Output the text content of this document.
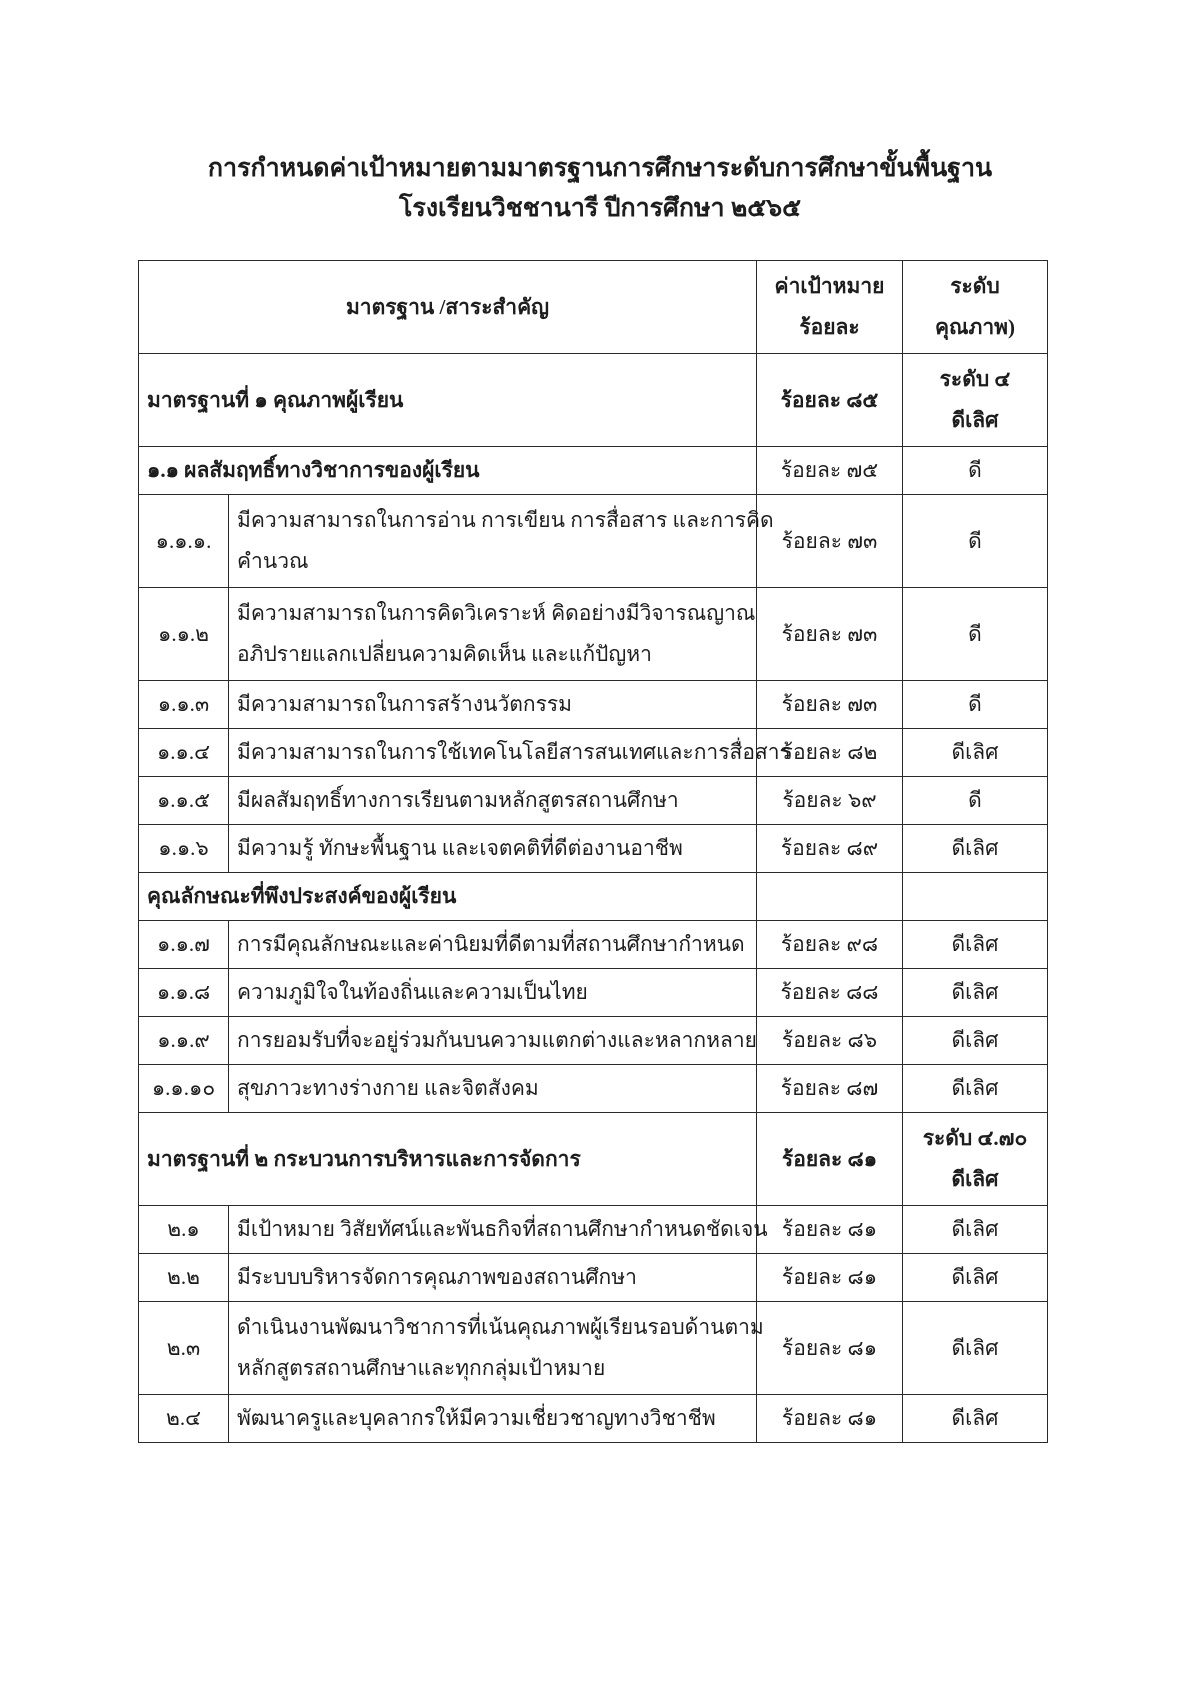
การกำหนดค่าเป้าหมายตามมาตรฐานการศึกษาระดับการศึกษาขั้นพื้นฐาน
โรงเรียนวิชชานารี ปีการศึกษา ๒๕๖๕
มาตรฐาน /สาระสำคัญ		ค่าเป้าหมาย
ร้อยละ	ระดับ
คุณภาพ)

มาตรฐานที่ ๑ คุณภาพผู้เรียน		ร้อยละ ๘๕	ระดับ ๔
ดีเลิศ

๑.๑ ผลสัมฤทธิ์ทางวิชาการของผู้เรียน		ร้อยละ ๗๕	ดี

๑.๑.๑.	มีความสามารถในการอ่าน การเขียน การสื่อสาร และการคิด
คำนวณ	ร้อยละ ๗๓	ดี

๑.๑.๒	มีความสามารถในการคิดวิเคราะห์ คิดอย่างมีวิจารณญาณ
อภิปรายแลกเปลี่ยนความคิดเห็น และแก้ปัญหา	ร้อยละ ๗๓	ดี

๑.๑.๓	มีความสามารถในการสร้างนวัตกรรม	ร้อยละ ๗๓	ดี

๑.๑.๔	มีความสามารถในการใช้เทคโนโลยีสารสนเทศและการสื่อสาร	ร้อยละ ๘๒	ดีเลิศ

๑.๑.๕	มีผลสัมฤทธิ์ทางการเรียนตามหลักสูตรสถานศึกษา	ร้อยละ ๖๙	ดี

๑.๑.๖	มีความรู้ ทักษะพื้นฐาน และเจตคติที่ดีต่องานอาชีพ	ร้อยละ ๘๙	ดีเลิศ

คุณลักษณะที่พึงประสงค์ของผู้เรียน			

๑.๑.๗	การมีคุณลักษณะและค่านิยมที่ดีตามที่สถานศึกษากำหนด	ร้อยละ ๙๘	ดีเลิศ

๑.๑.๘	ความภูมิใจในท้องถิ่นและความเป็นไทย	ร้อยละ ๘๘	ดีเลิศ

๑.๑.๙	การยอมรับที่จะอยู่ร่วมกันบนความแตกต่างและหลากหลาย	ร้อยละ ๘๖	ดีเลิศ

๑.๑.๑๐	สุขภาวะทางร่างกาย และจิตสังคม	ร้อยละ ๘๗	ดีเลิศ

มาตรฐานที่ ๒ กระบวนการบริหารและการจัดการ		ร้อยละ ๘๑	ระดับ ๔.๗๐
ดีเลิศ

๒.๑	มีเป้าหมาย วิสัยทัศน์และพันธกิจที่สถานศึกษากำหนดชัดเจน	ร้อยละ ๘๑	ดีเลิศ

๒.๒	มีระบบบริหารจัดการคุณภาพของสถานศึกษา	ร้อยละ ๘๑	ดีเลิศ

๒.๓	ดำเนินงานพัฒนาวิชาการที่เน้นคุณภาพผู้เรียนรอบด้านตาม
หลักสูตรสถานศึกษาและทุกกลุ่มเป้าหมาย	ร้อยละ ๘๑	ดีเลิศ

๒.๔	พัฒนาครูและบุคลากรให้มีความเชี่ยวชาญทางวิชาชีพ	ร้อยละ ๘๑	ดีเลิศ
